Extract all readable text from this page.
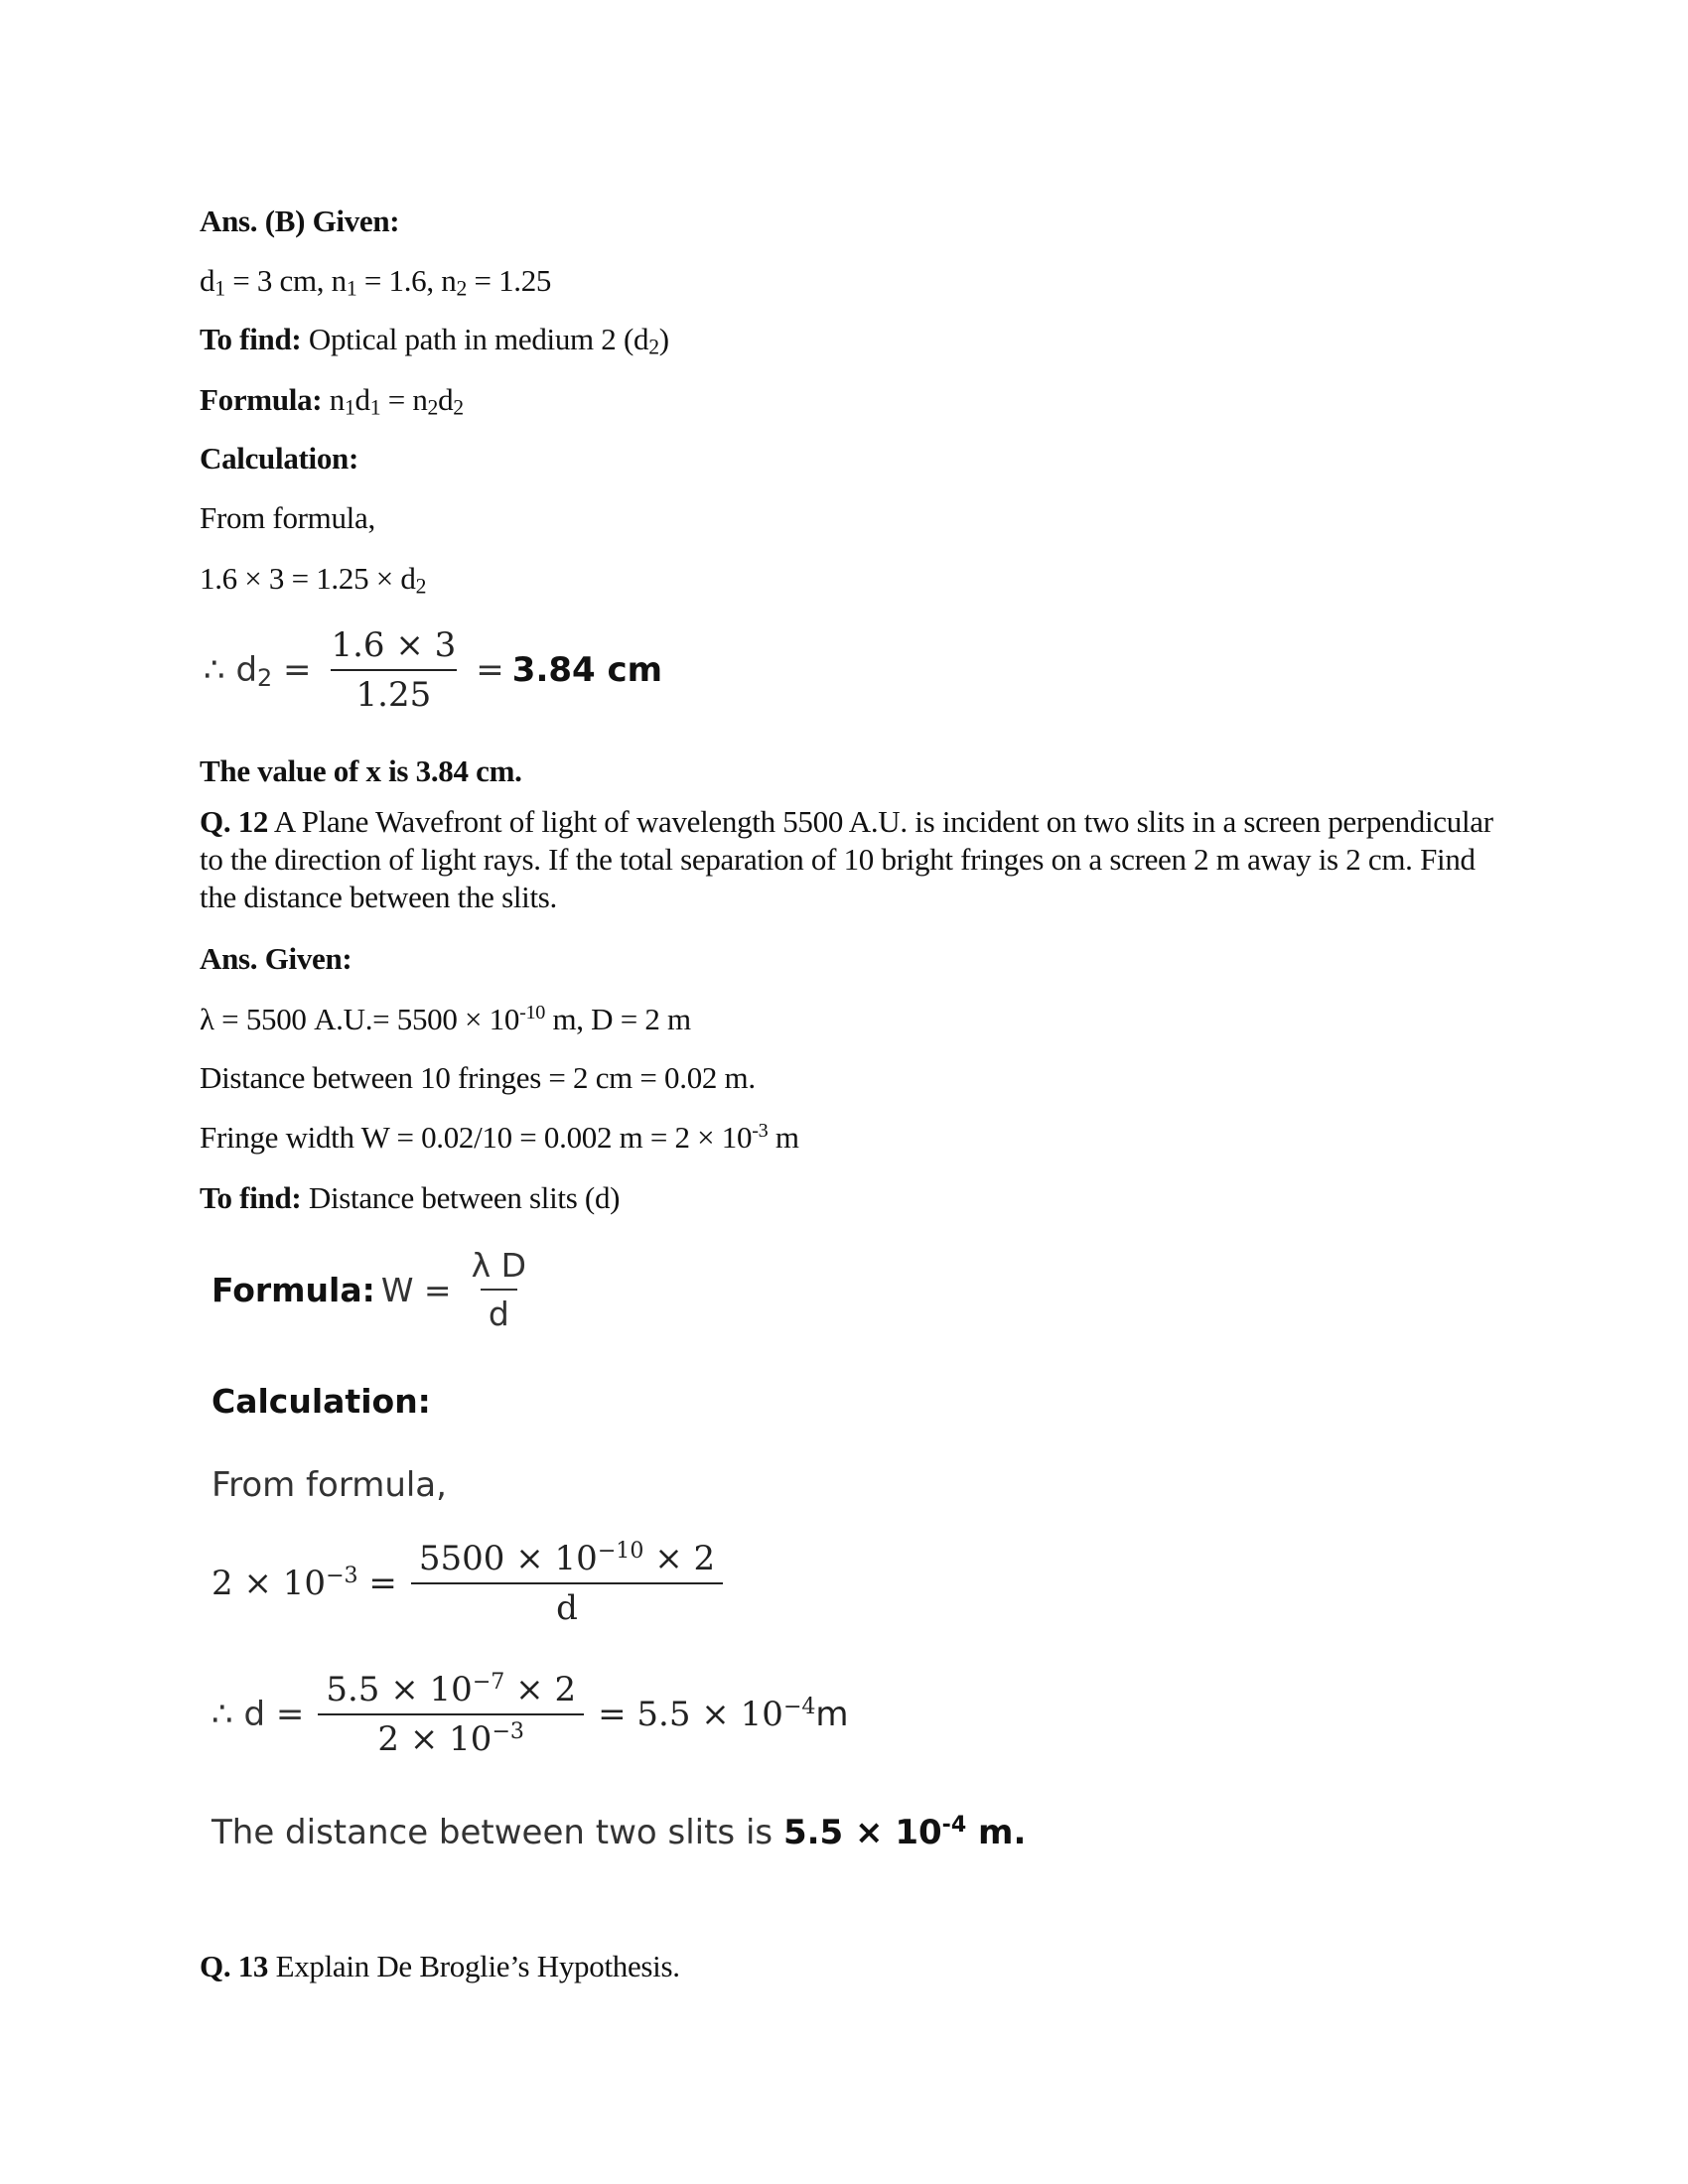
Ans. (B) Given:
$d_1 = 3$ cm, $n_1 = 1.6$, $n_2 = 1.25$
To find: Optical path in medium 2 $(d_2)$
Formula: $n_1d_1 = n_2d_2$
Calculation:
From formula,
$1.6 \times 3 = 1.25 \times d_2$
∴ $d_2 = \frac{1.6 \times 3}{1.25} = 3.84$ cm
The value of x is 3.84 cm.
Q. 12 A Plane Wavefront of light of wavelength 5500 A.U. is incident on two slits in a screen perpendicular to the direction of light rays. If the total separation of 10 bright fringes on a screen 2 m away is 2 cm. Find the distance between the slits.
Ans. Given:
λ = 5500 $A.U.= 5500 \times 10^{-10}$ m, D = 2 m
Distance between 10 fringes = 2 cm = 0.02 m.
Fringe width W = 0.02/10 = 0.002 $m = 2 \times 10^{-3}$ m
To find: Distance between slits (d)
Formula: $W = \frac{\text{λ D}}{d}$
Calculation:
From formula,
$2 \times 10^{-3} = \frac{5500 \times 10^{-10} \times 2}{d}$
∴ $d = \frac{5.5 \times 10^{-7} \times 2}{2 \times 10^{-3}} = 5.5 \times 10^{-4}m$
The distance between two slits is $5.5 \times 10^{-4}$ m.
Q. 13 Explain De Broglie’s Hypothesis.
